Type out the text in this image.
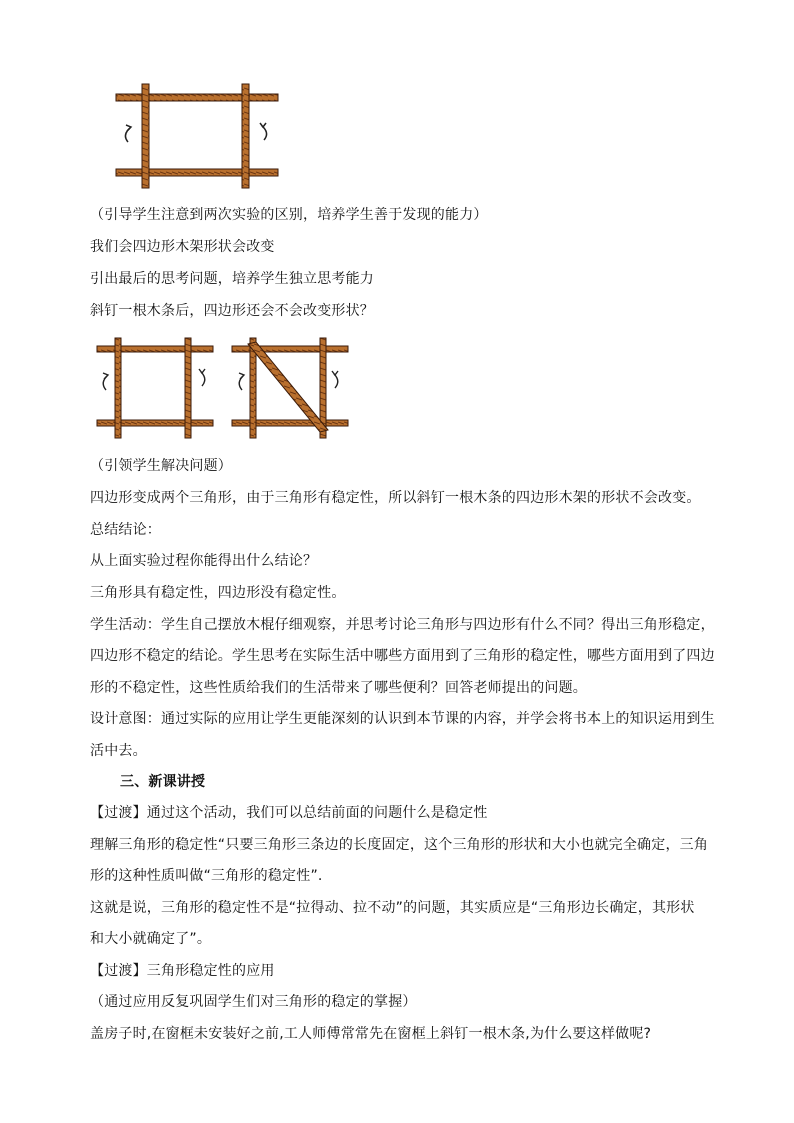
（引导学生注意到两次实验的区别，培养学生善于发现的能力）
我们会四边形木架形状会改变
引出最后的思考问题，培养学生独立思考能力
斜钉一根木条后，四边形还会不会改变形状？
（引领学生解决问题）
四边形变成两个三角形，由于三角形有稳定性，所以斜钉一根木条的四边形木架的形状不会改变。
总结结论：
从上面实验过程你能得出什么结论？
三角形具有稳定性，四边形没有稳定性。
学生活动：学生自己摆放木棍仔细观察，并思考讨论三角形与四边形有什么不同？得出三角形稳定，
四边形不稳定的结论。学生思考在实际生活中哪些方面用到了三角形的稳定性，哪些方面用到了四边
形的不稳定性，这些性质给我们的生活带来了哪些便利？回答老师提出的问题。
设计意图：通过实际的应用让学生更能深刻的认识到本节课的内容，并学会将书本上的知识运用到生
活中去。
三、新课讲授
【过渡】通过这个活动，我们可以总结前面的问题什么是稳定性
理解三角形的稳定性“只要三角形三条边的长度固定，这个三角形的形状和大小也就完全确定，三角
形的这种性质叫做“三角形的稳定性”.
这就是说，三角形的稳定性不是“拉得动、拉不动”的问题，其实质应是“三角形边长确定，其形状
和大小就确定了”。
【过渡】三角形稳定性的应用
（通过应用反复巩固学生们对三角形的稳定的掌握）
盖房子时,在窗框未安装好之前,工人师傅常常先在窗框上斜钉一根木条,为什么要这样做呢?
